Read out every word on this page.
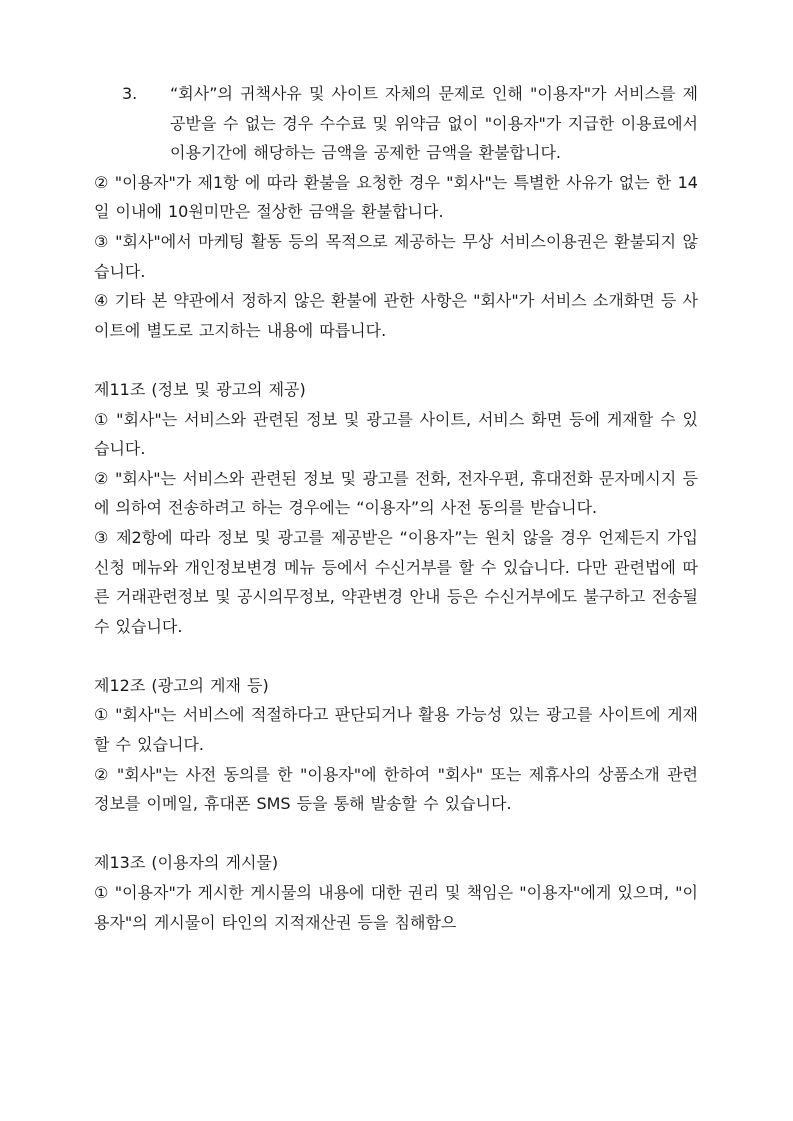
3.	“회사”의 귀책사유 및 사이트 자체의 문제로 인해 "이용자"가 서비스를 제공받을 수 없는 경우 수수료 및 위약금 없이 "이용자"가 지급한 이용료에서 이용기간에 해당하는 금액을 공제한 금액을 환불합니다.

② "이용자"가 제1항 에 따라 환불을 요청한 경우 "회사"는 특별한 사유가 없는 한 14일 이내에 10원미만은 절상한 금액을 환불합니다.

③ "회사"에서 마케팅 활동 등의 목적으로 제공하는 무상 서비스이용권은 환불되지 않습니다.

④ 기타 본 약관에서 정하지 않은 환불에 관한 사항은 "회사"가 서비스 소개화면 등 사이트에 별도로 고지하는 내용에 따릅니다.

제11조 (정보 및 광고의 제공)

① "회사"는 서비스와 관련된 정보 및 광고를 사이트, 서비스 화면 등에 게재할 수 있습니다.

② "회사"는 서비스와 관련된 정보 및 광고를 전화, 전자우편, 휴대전화 문자메시지 등에 의하여 전송하려고 하는 경우에는 “이용자”의 사전 동의를 받습니다.

③ 제2항에 따라 정보 및 광고를 제공받은 “이용자”는 원치 않을 경우 언제든지 가입신청 메뉴와 개인정보변경 메뉴 등에서 수신거부를 할 수 있습니다. 다만 관련법에 따른 거래관련정보 및 공시의무정보, 약관변경 안내 등은 수신거부에도 불구하고 전송될 수 있습니다.

제12조 (광고의 게재 등)

① "회사"는 서비스에 적절하다고 판단되거나 활용 가능성 있는 광고를 사이트에 게재할 수 있습니다.

② "회사"는 사전 동의를 한 "이용자"에 한하여 "회사" 또는 제휴사의 상품소개 관련정보를 이메일, 휴대폰 SMS 등을 통해 발송할 수 있습니다.

제13조 (이용자의 게시물)

① "이용자"가 게시한 게시물의 내용에 대한 권리 및 책임은 "이용자"에게 있으며, "이용자"의 게시물이 타인의 지적재산권 등을 침해함으
